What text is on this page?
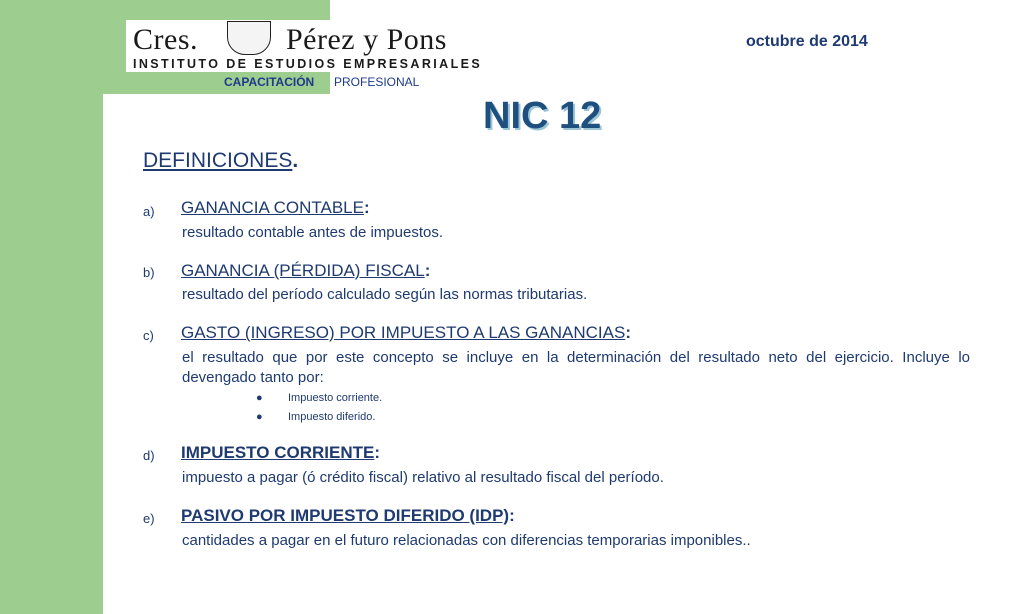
Cres.	Pérez y Pons
INSTITUTO DE ESTUDIOS EMPRESARIALES
CAPACITACIÓN PROFESIONAL
octubre de 2014
NIC 12
DEFINICIONES.
a) GANANCIA CONTABLE:
resultado contable antes de impuestos.
b) GANANCIA (PÉRDIDA) FISCAL:
resultado del período calculado según las normas tributarias.
c) GASTO (INGRESO) POR IMPUESTO A LAS GANANCIAS:
el resultado que por este concepto se incluye en la determinación del resultado neto del ejercicio. Incluye lo devengado tanto por:
● Impuesto corriente.
● Impuesto diferido.
d) IMPUESTO CORRIENTE:
impuesto a pagar (ó crédito fiscal) relativo al resultado fiscal del período.
e) PASIVO POR IMPUESTO DIFERIDO (IDP):
cantidades a pagar en el futuro relacionadas con diferencias temporarias imponibles..
